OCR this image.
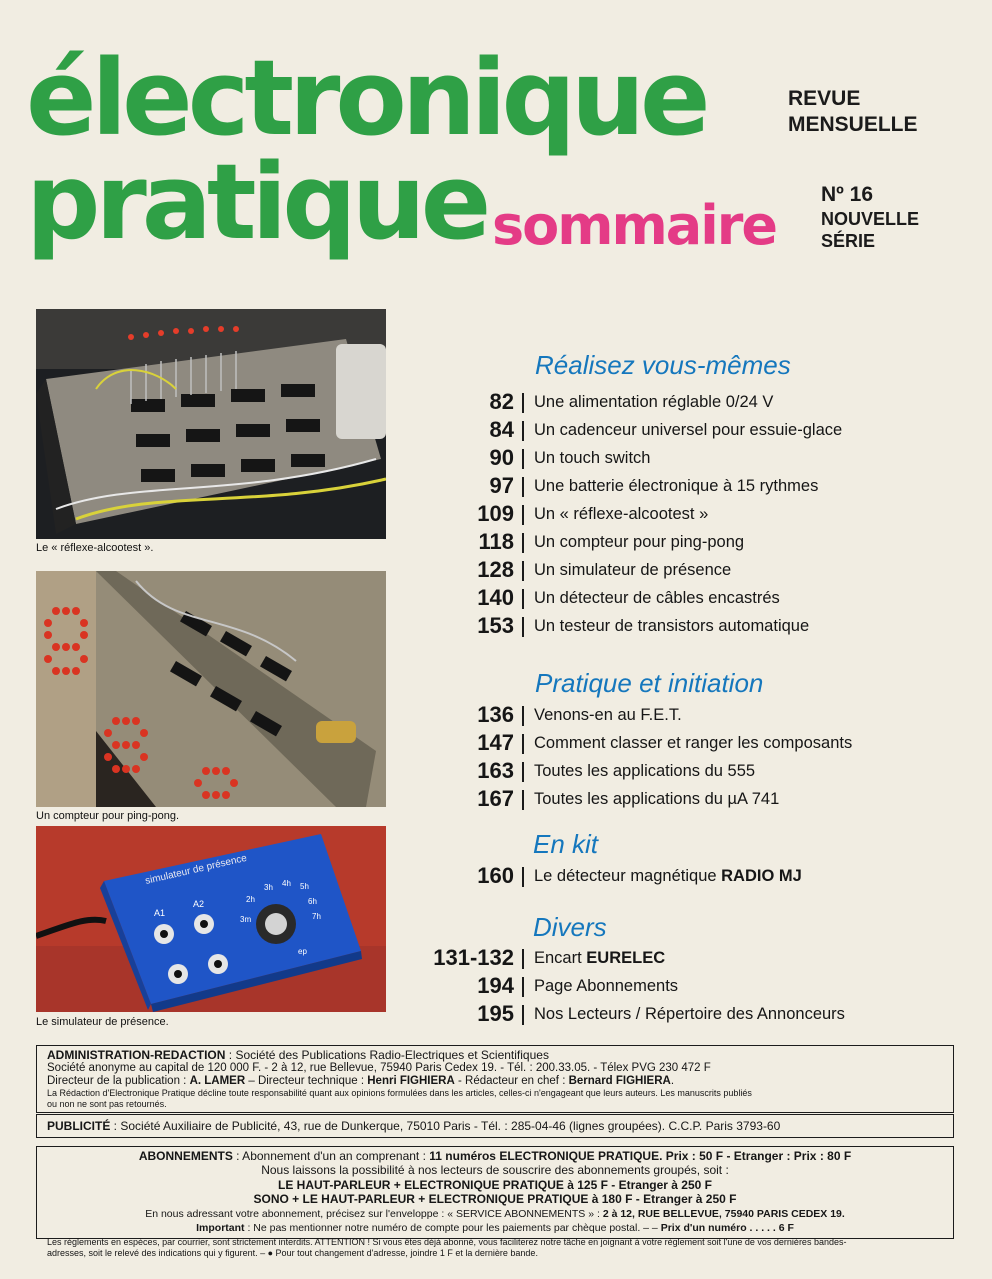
électronique
pratique sommaire
REVUE
MENSUELLE
Nº 16
NOUVELLE
SÉRIE
Le « réflexe-alcootest ».
Un compteur pour ping-pong.
simulateur de présence
A1
A2	2h
3h 4h 5h
6h
7h
3m
ep
Le simulateur de présence.
Réalisez vous-mêmes
82 Une alimentation réglable 0/24 V
84 Un cadenceur universel pour essuie-glace
90 Un touch switch
97 Une batterie électronique à 15 rythmes
109 Un « réflexe-alcootest »
118 Un compteur pour ping-pong
128 Un simulateur de présence
140 Un détecteur de câbles encastrés
153 Un testeur de transistors automatique
Pratique et initiation
136 Venons-en au F.E.T.
147 Comment classer et ranger les composants
163 Toutes les applications du 555
167 Toutes les applications du µA 741
En kit
160 Le détecteur magnétique RADIO MJ
Divers
131-132 Encart EURELEC
194 Page Abonnements
195 Nos Lecteurs / Répertoire des Annonceurs
ADMINISTRATION-REDACTION : Société des Publications Radio-Electriques et Scientifiques
Société anonyme au capital de 120 000 F. - 2 à 12, rue Bellevue, 75940 Paris Cedex 19. - Tél. : 200.33.05. - Télex PVG 230 472 F
Directeur de la publication : A. LAMER – Directeur technique : Henri FIGHIERA - Rédacteur en chef : Bernard FIGHIERA.
La Rédaction d'Electronique Pratique décline toute responsabilité quant aux opinions formulées dans les articles, celles-ci n'engageant que leurs auteurs. Les manuscrits publiés
ou non ne sont pas retournés.
PUBLICITÉ : Société Auxiliaire de Publicité, 43, rue de Dunkerque, 75010 Paris - Tél. : 285-04-46 (lignes groupées). C.C.P. Paris 3793-60
ABONNEMENTS : Abonnement d'un an comprenant : 11 numéros ELECTRONIQUE PRATIQUE. Prix : 50 F - Etranger : Prix : 80 F
Nous laissons la possibilité à nos lecteurs de souscrire des abonnements groupés, soit :
LE HAUT-PARLEUR + ELECTRONIQUE PRATIQUE à 125 F - Etranger à 250 F
SONO + LE HAUT-PARLEUR + ELECTRONIQUE PRATIQUE à 180 F - Etranger à 250 F
En nous adressant votre abonnement, précisez sur l'enveloppe : « SERVICE ABONNEMENTS » : 2 à 12, RUE BELLEVUE, 75940 PARIS CEDEX 19.
Important : Ne pas mentionner notre numéro de compte pour les paiements par chèque postal. – – Prix d'un numéro . . . . . 6 F
Les règlements en espèces, par courrier, sont strictement interdits. ATTENTION ! Si vous êtes déjà abonné, vous faciliterez notre tâche en joignant à votre règlement soit l'une de vos dernières bandes-
adresses, soit le relevé des indications qui y figurent. – ● Pour tout changement d'adresse, joindre 1 F et la dernière bande.
